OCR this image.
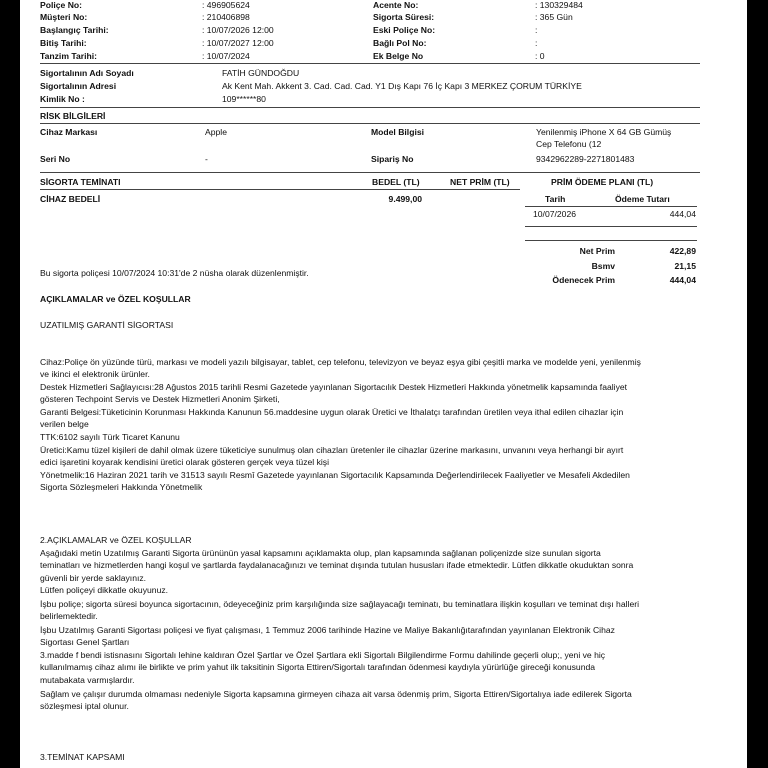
Poliçe No:	: 496905624	Acente No:	: 130329484
Müşteri No:	: 210406898	Sigorta Süresi:	: 365 Gün
Başlangıç Tarihi:	: 10/07/2026 12:00	Eski Poliçe No:	:
Bitiş Tarihi:	: 10/07/2027 12:00	Bağlı Pol No:	:
Tanzim Tarihi:	: 10/07/2024	Ek Belge No	: 0
Sigortalının Adı Soyadı	FATİH GÜNDOĞDU
Sigortalının Adresi	Ak Kent Mah. Akkent 3. Cad. Cad. Cad. Y1 Dış Kapı 76 İç Kapı 3 MERKEZ ÇORUM TÜRKİYE
Kimlik No :	109******80
RİSK BİLGİLERİ
Cihaz Markası	Apple	Model Bilgisi	Yenilenmiş iPhone X 64 GB Gümüş
Cep Telefonu (12
Seri No	-	Sipariş No	9342962289-2271801483
SİGORTA TEMİNATI	BEDEL (TL)	NET PRİM (TL)	PRİM ÖDEME PLANI (TL)
CİHAZ BEDELİ	9.499,00	Tarih	Ödeme Tutarı
10/07/2026	444,04
Net Prim	422,89
Bsmv	21,15
Ödenecek Prim	444,04
Bu sigorta poliçesi 10/07/2024 10:31'de 2 nüsha olarak düzenlenmiştir.
AÇIKLAMALAR ve ÖZEL KOŞULLAR
UZATILMIŞ GARANTİ SİGORTASI
Cihaz:Poliçe ön yüzünde türü, markası ve modeli yazılı bilgisayar, tablet, cep telefonu, televizyon ve beyaz eşya gibi çeşitli marka ve modelde yeni, yenilenmiş
ve ikinci el elektronik ürünler.
Destek Hizmetleri Sağlayıcısı:28 Ağustos 2015 tarihli Resmi Gazetede yayınlanan Sigortacılık Destek Hizmetleri Hakkında yönetmelik kapsamında faaliyet
gösteren Techpoint Servis ve Destek Hizmetleri Anonim Şirketi,
Garanti Belgesi:Tüketicinin Korunması Hakkında Kanunun 56.maddesine uygun olarak Üretici ve İthalatçı tarafından üretilen veya ithal edilen cihazlar için
verilen belge
TTK:6102 sayılı Türk Ticaret Kanunu
Üretici:Kamu tüzel kişileri de dahil olmak üzere tüketiciye sunulmuş olan cihazları üretenler ile cihazlar üzerine markasını, unvanını veya herhangi bir ayırt
edici işaretini koyarak kendisini üretici olarak gösteren gerçek veya tüzel kişi
Yönetmelik:16 Haziran 2021 tarih ve 31513 sayılı Resmî Gazetede yayınlanan Sigortacılık Kapsamında Değerlendirilecek Faaliyetler ve Mesafeli Akdedilen
Sigorta Sözleşmeleri Hakkında Yönetmelik
2.AÇIKLAMALAR ve ÖZEL KOŞULLAR
Aşağıdaki metin Uzatılmış Garanti Sigorta ürününün yasal kapsamını açıklamakta olup, plan kapsamında sağlanan poliçenizde size sunulan sigorta
teminatları ve hizmetlerden hangi koşul ve şartlarda faydalanacağınızı ve teminat dışında tutulan hususları ifade etmektedir. Lütfen dikkatle okuduktan sonra
güvenli bir yerde saklayınız.
Lütfen poliçeyi dikkatle okuyunuz.
İşbu poliçe; sigorta süresi boyunca sigortacının, ödeyeceğiniz prim karşılığında size sağlayacağı teminatı, bu teminatlara ilişkin koşulları ve teminat dışı halleri
belirlemektedir.
İşbu Uzatılmış Garanti Sigortası poliçesi ve fiyat çalışması, 1 Temmuz 2006 tarihinde Hazine ve Maliye Bakanlığıtarafından yayınlanan Elektronik Cihaz
Sigortası Genel Şartları
3.madde f bendi istisnasını Sigortalı lehine kaldıran Özel Şartlar ve Özel Şartlara ekli Sigortalı Bilgilendirme Formu dahilinde geçerli olup;, yeni ve hiç
kullanılmamış cihaz alımı ile birlikte ve prim yahut ilk taksitinin Sigorta Ettiren/Sigortalı tarafından ödenmesi kaydıyla yürürlüğe gireceği konusunda
mutabakata varmışlardır.
Sağlam ve çalışır durumda olmaması nedeniyle Sigorta kapsamına girmeyen cihaza ait varsa ödenmiş prim, Sigorta Ettiren/Sigortalıya iade edilerek Sigorta
sözleşmesi iptal olunur.
3.TEMİNAT KAPSAMI
